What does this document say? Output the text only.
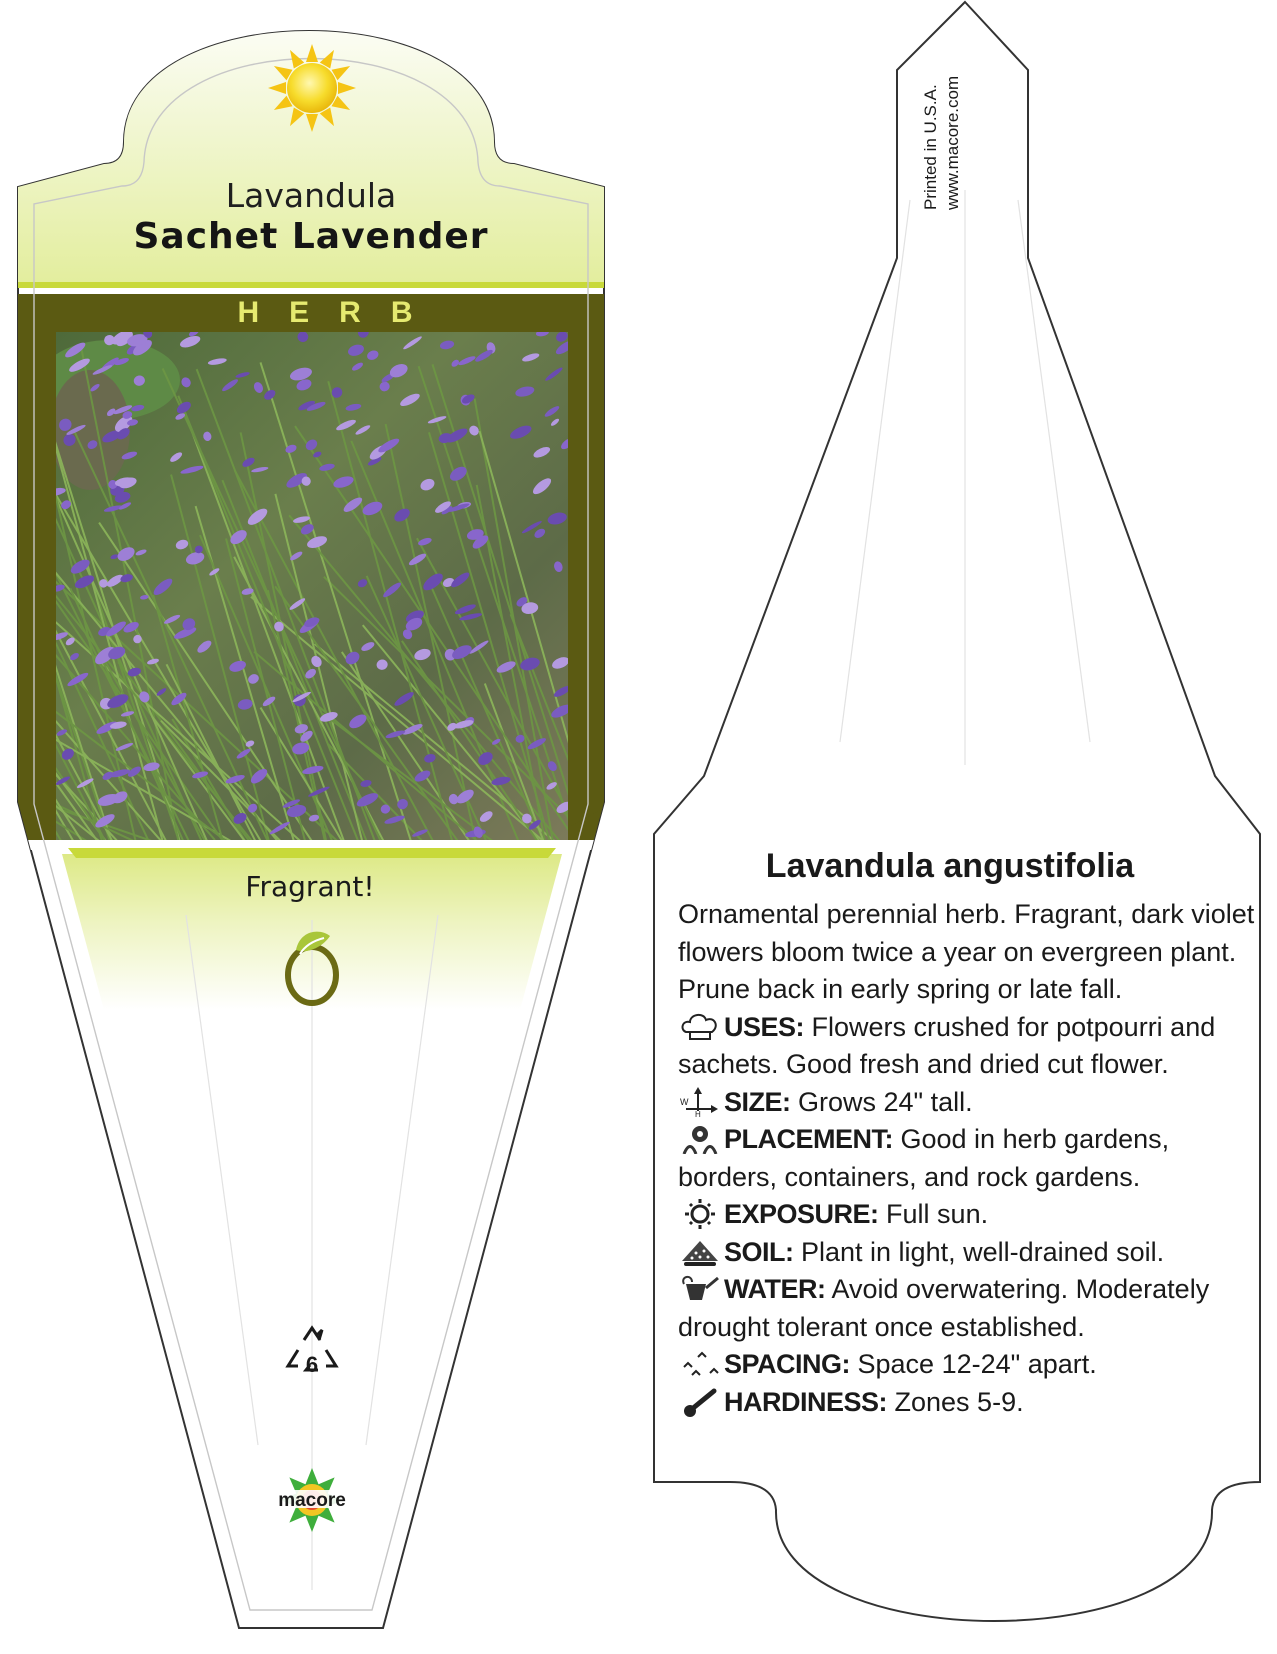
Lavandula
Sachet Lavender
HERB
Fragrant!
6
macore
Printed in U.S.A. www.macore.com
Lavandula angustifolia

Ornamental perennial herb. Fragrant, dark violet flowers bloom twice a year on evergreen plant. Prune back in early spring or late fall.

USES: Flowers crushed for potpourri and sachets. Good fresh and dried cut flower.
W
H SIZE: Grows 24" tall.
PLACEMENT: Good in herb gardens, borders, containers, and rock gardens.
EXPOSURE: Full sun.
SOIL: Plant in light, well-drained soil.
WATER: Avoid overwatering. Moderately drought tolerant once established.
SPACING: Space 12-24" apart.
HARDINESS: Zones 5-9.
